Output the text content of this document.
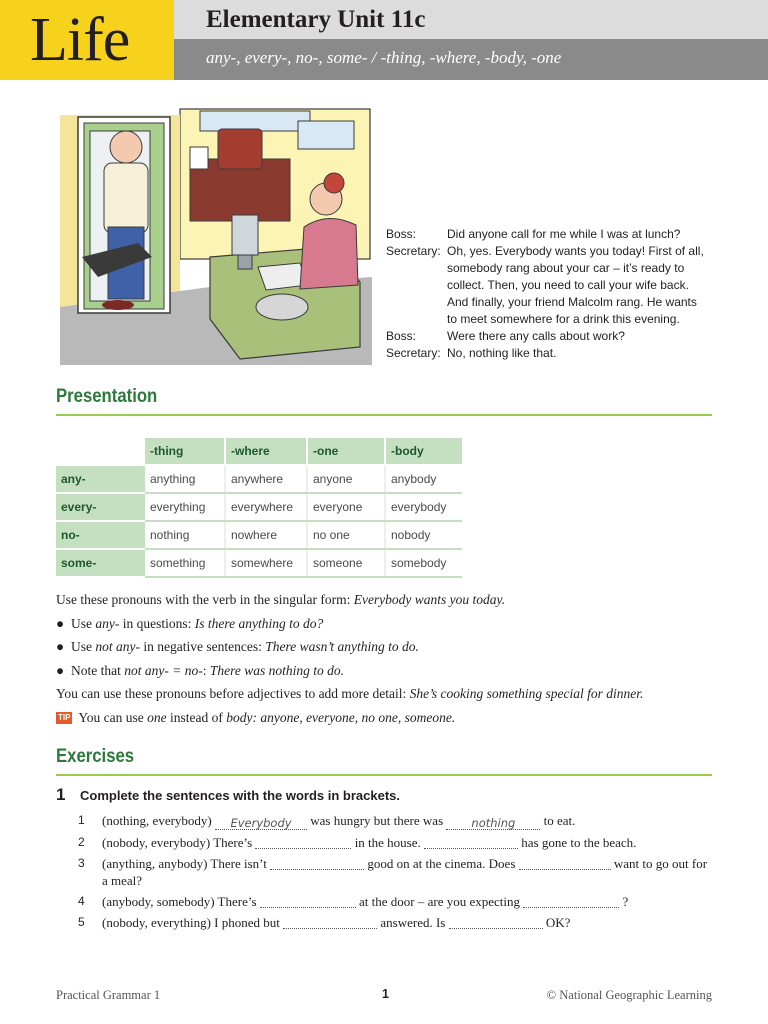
Life	Elementary Unit 11c
any-, every-, no-, some- / -thing, -where, -body, -one
Boss:	Did anyone call for me while I was at lunch?
Secretary: Oh, yes. Everybody wants you today! First of all,
somebody rang about your car – it’s ready to
collect. Then, you need to call your wife back.
And finally, your friend Malcolm rang. He wants
to meet somewhere for a drink this evening.
Boss:	Were there any calls about work?
Secretary: No, nothing like that.
Presentation
	-thing	-where	-one	-body
any-	anything	anywhere	anyone	anybody
every-	everything	everywhere	everyone	everybody
no-	nothing	nowhere	no one	nobody
some-	something	somewhere	someone	somebody
Use these pronouns with the verb in the singular form: Everybody wants you today.
● Use any- in questions: Is there anything to do?
● Use not any- in negative sentences: There wasn’t anything to do.
● Note that not any- = no-: There was nothing to do.
You can use these pronouns before adjectives to add more detail: She’s cooking something special for dinner.
TIP You can use one instead of body: anyone, everyone, no one, someone.
Exercises
1 Complete the sentences with the words in brackets.
1	(nothing, everybody) Everybody was hungry but there was nothing to eat.
2	(nobody, everybody) There’s	in the house.	has gone to the beach.
3	(anything, anybody) There isn’t	good on at the cinema. Does	want to go out for a meal?
4	(anybody, somebody) There’s	at the door – are you expecting	?
5	(nobody, everything) I phoned but	answered. Is	OK?
Practical Grammar 1	1	© National Geographic Learning
